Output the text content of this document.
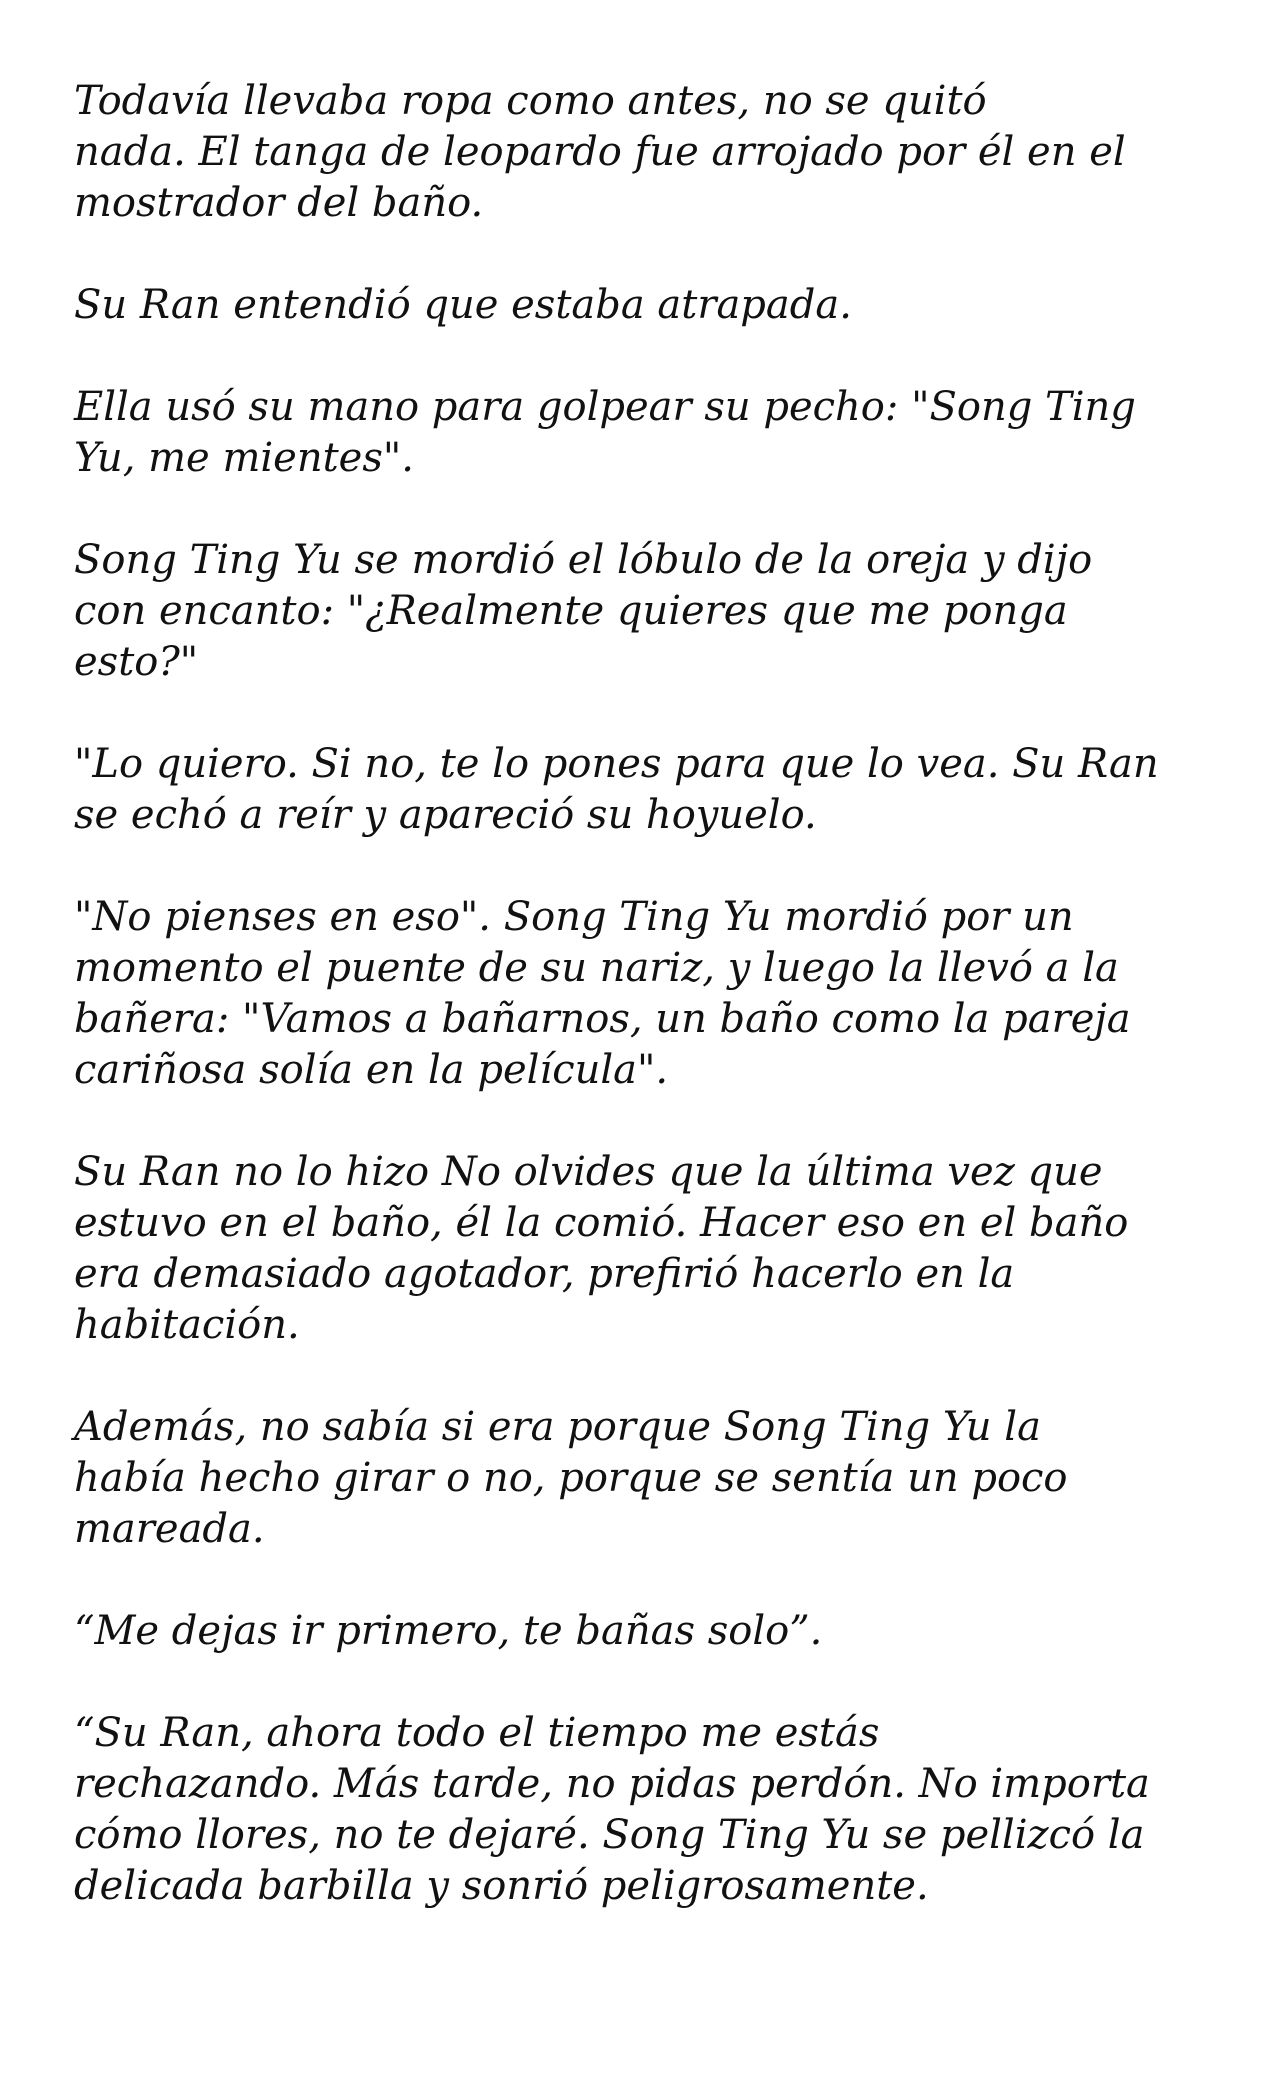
Todavía llevaba ropa como antes, no se quitó
nada. El tanga de leopardo fue arrojado por él en el
mostrador del baño.

Su Ran entendió que estaba atrapada.

Ella usó su mano para golpear su pecho: "Song Ting
Yu, me mientes".

Song Ting Yu se mordió el lóbulo de la oreja y dijo
con encanto: "¿Realmente quieres que me ponga
esto?"

"Lo quiero. Si no, te lo pones para que lo vea. Su Ran
se echó a reír y apareció su hoyuelo.

"No pienses en eso". Song Ting Yu mordió por un
momento el puente de su nariz, y luego la llevó a la
bañera: "Vamos a bañarnos, un baño como la pareja
cariñosa solía en la película".

Su Ran no lo hizo No olvides que la última vez que
estuvo en el baño, él la comió. Hacer eso en el baño
era demasiado agotador, prefirió hacerlo en la
habitación.

Además, no sabía si era porque Song Ting Yu la
había hecho girar o no, porque se sentía un poco
mareada.

“Me dejas ir primero, te bañas solo”.

“Su Ran, ahora todo el tiempo me estás
rechazando. Más tarde, no pidas perdón. No importa
cómo llores, no te dejaré. Song Ting Yu se pellizcó la
delicada barbilla y sonrió peligrosamente.
